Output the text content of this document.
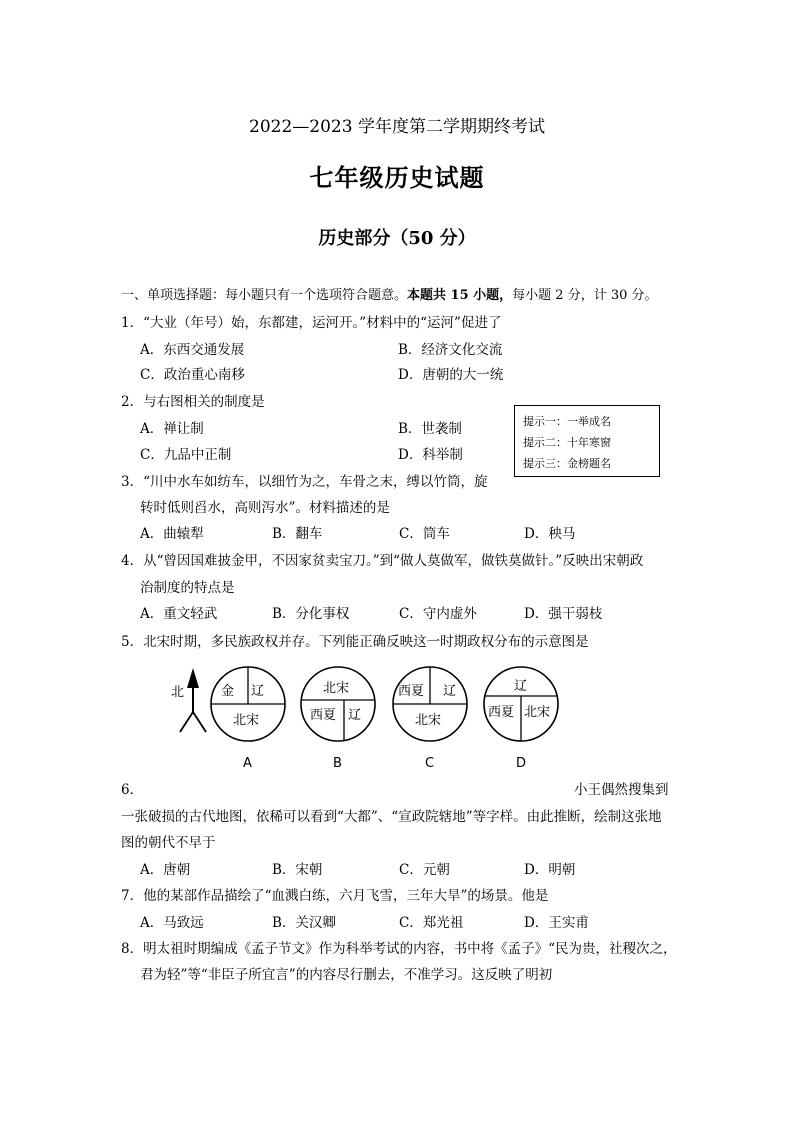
2022—2023 学年度第二学期期终考试
七年级历史试题
历史部分（50 分）
一、单项选择题：每小题只有一个选项符合题意。本题共 15 小题，每小题 2 分，计 30 分。
1．“大业（年号）始，东都建，运河开。”材料中的“运河”促进了
A．东西交通发展	B．经济文化交流
C．政治重心南移	D．唐朝的大一统
2．与右图相关的制度是
A．禅让制	B．世袭制
C．九品中正制	D．科举制
提示一：一举成名
提示二：十年寒窗
提示三：金榜题名
3．“川中水车如纺车，以细竹为之，车骨之末，缚以竹筒，旋
转时低则舀水，高则泻水”。材料描述的是
A．曲辕犁	B．翻车	C．筒车	D．秧马
4．从“曾因国难披金甲，不因家贫卖宝刀。”到“做人莫做军，做铁莫做针。”反映出宋朝政
治制度的特点是
A．重文轻武	B．分化事权	C．守内虚外	D．强干弱枝
5．北宋时期，多民族政权并存。下列能正确反映这一时期政权分布的示意图是
北	金 辽
北宋
北宋
西夏 辽
西夏 辽
北宋
辽
西夏 北宋
A	B	C	D
6．	小王偶然搜集到
一张破损的古代地图，依稀可以看到“大都”、“宣政院辖地”等字样。由此推断，绘制这张地
图的朝代不早于
A．唐朝	B．宋朝	C．元朝	D．明朝
7．他的某部作品描绘了“血溅白练，六月飞雪，三年大旱”的场景。他是
A．马致远	B．关汉卿	C．郑光祖	D．王实甫
8．明太祖时期编成《孟子节文》作为科举考试的内容，书中将《孟子》“民为贵，社稷次之，
君为轻”等“非臣子所宜言”的内容尽行删去，不准学习。这反映了明初
